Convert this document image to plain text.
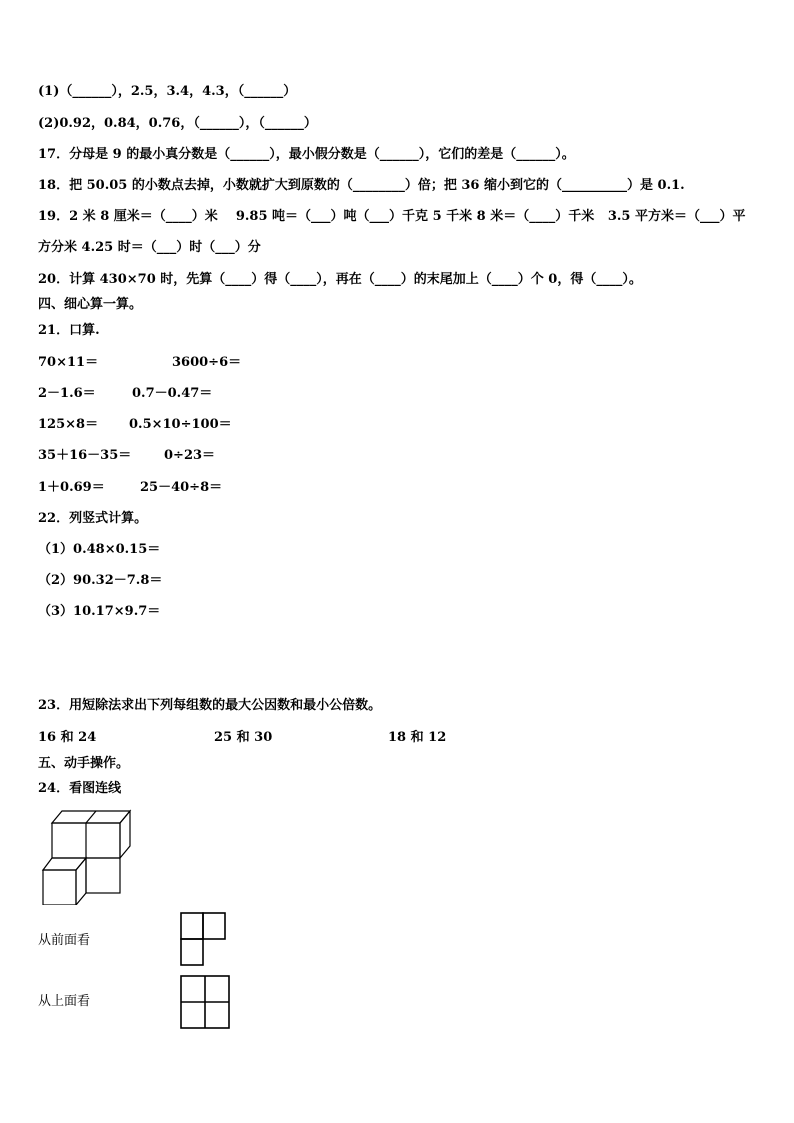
(1)（______），2.5，3.4，4.3，（______）
(2)0.92，0.84，0.76，（______），（______）
17．分母是 9 的最小真分数是（______），最小假分数是（______），它们的差是（______）。
18．把 50.05 的小数点去掉，小数就扩大到原数的（________）倍；把 36 缩小到它的（__________）是 0.1.
19．2 米 8 厘米＝（____）米    9.85 吨＝（___）吨（___）千克 5 千米 8 米＝（____）千米   3.5 平方米＝（___）平
方分米 4.25 时＝（___）时（___）分
20．计算 430×70 时，先算（____）得（____），再在（____）的末尾加上（____）个 0，得（____）。
四、细心算一算。
21．口算.
70×11＝	3600÷6＝
2－1.6＝	0.7－0.47＝
125×8＝ 0.5×10÷100＝
35＋16－35＝	0÷23＝
1＋0.69＝	25－40÷8＝
22．列竖式计算。
（1）0.48×0.15＝
（2）90.32－7.8＝
（3）10.17×9.7＝
23．用短除法求出下列每组数的最大公因数和最小公倍数。
16 和 24	25 和 30	18 和 12
五、动手操作。
24．看图连线
从前面看
从上面看
